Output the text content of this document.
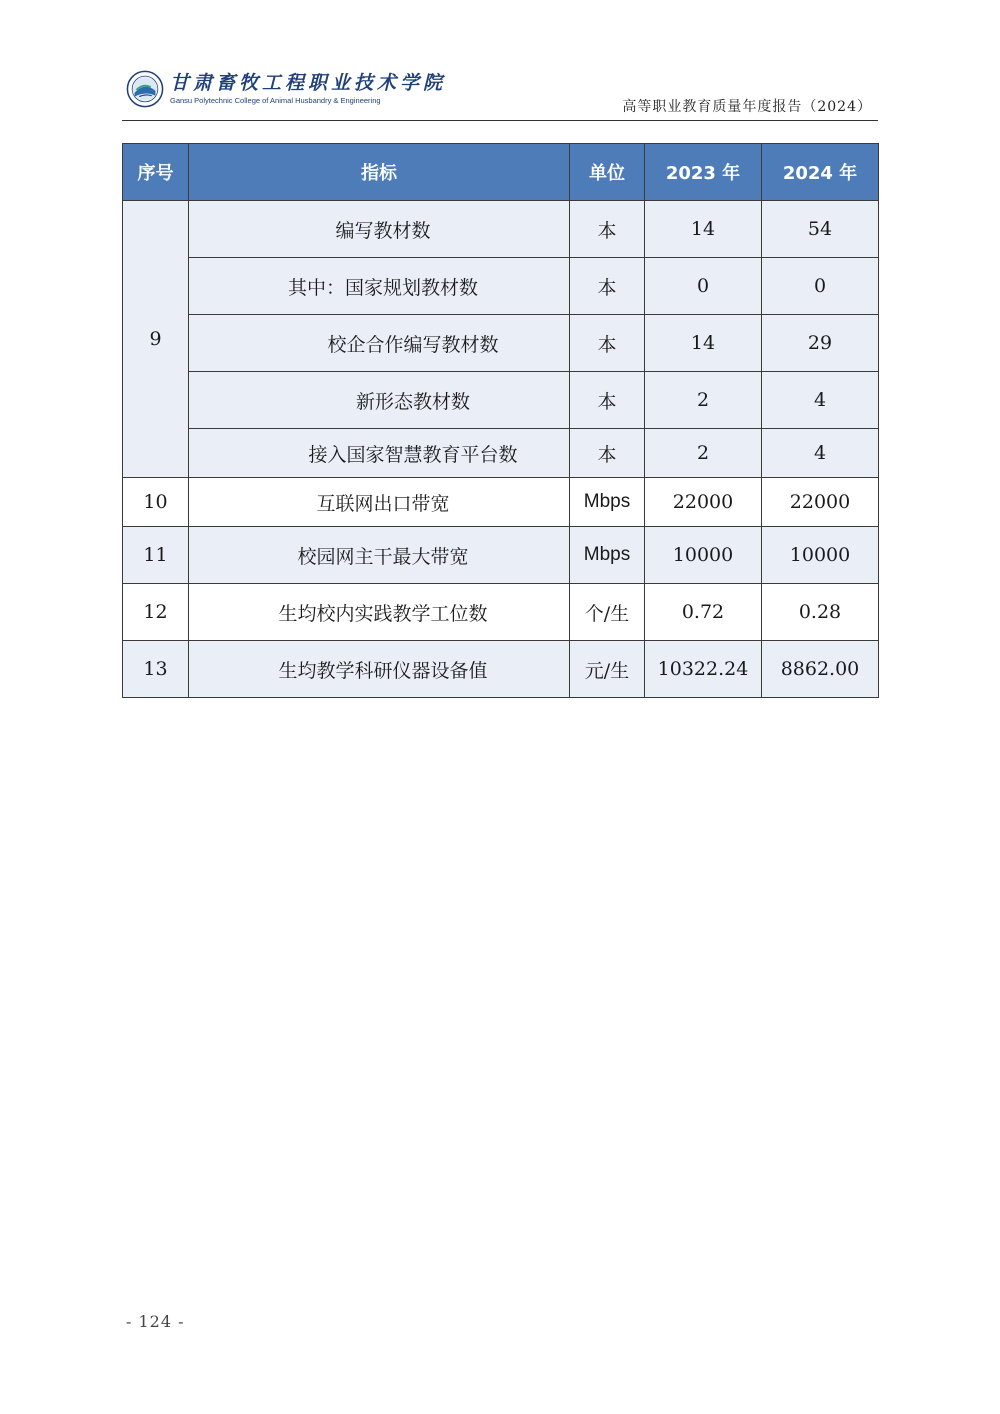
甘肃畜牧工程职业技术学院
Gansu Polytechnic College of Animal Husbandry & Engineering	高等职业教育质量年度报告（2024）
序号	指标	单位	2023 年	2024 年
9	编写教材数	本	14	54
	其中：国家规划教材数	本	0	0
	校企合作编写教材数	本	14	29
	新形态教材数	本	2	4
	接入国家智慧教育平台数	本	2	4
10	互联网出口带宽	Mbps	22000	22000
11	校园网主干最大带宽	Mbps	10000	10000
12	生均校内实践教学工位数	个/生	0.72	0.28
13	生均教学科研仪器设备值	元/生	10322.24	8862.00
- 124 -
